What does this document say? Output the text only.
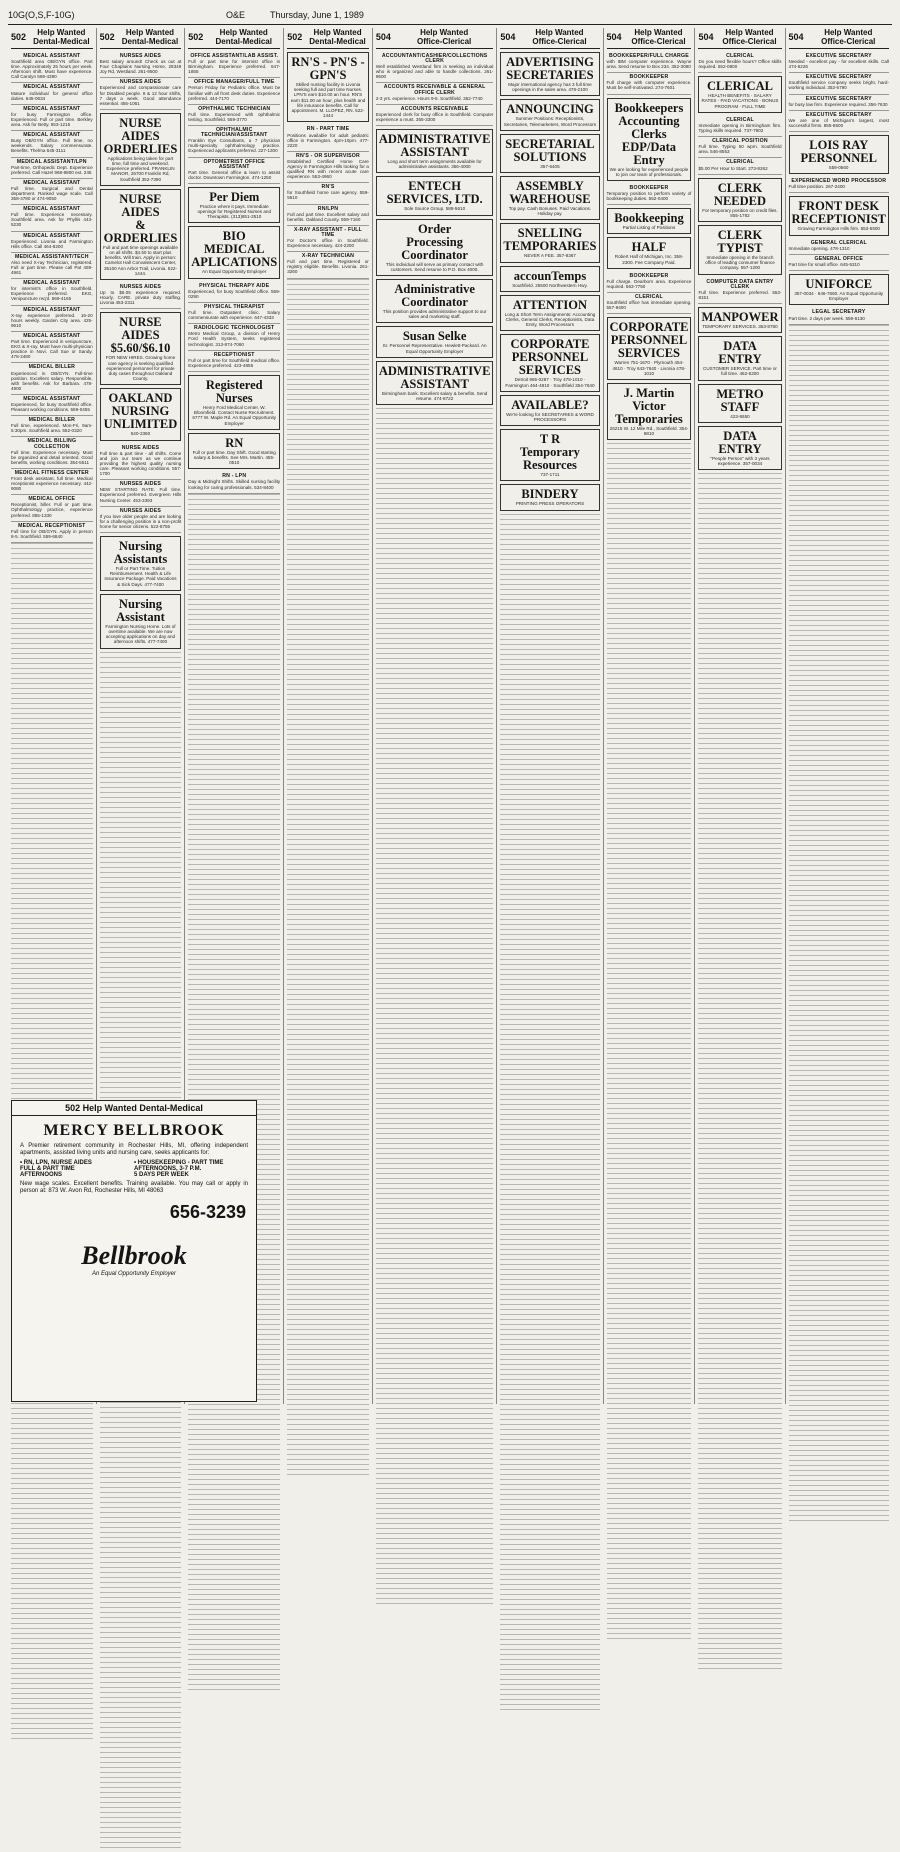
10G(O,S,F-10G)	O&E	Thursday, June 1, 1989
502	Help Wanted
Dental-Medical

MEDICAL ASSISTANT
Southfield area OB/GYN office. Part time. Approximately 25 hours per week. Afternoon shift. Must have experience. Call Carolyn 569-4390

MEDICAL ASSISTANT
Mature individual for general office duties. 645-0634

MEDICAL ASSISTANT
for busy Farmington office. Experienced. Full or part time. Berkley area. Ask for Betty. 553-1215

MEDICAL ASSISTANT
Busy OB/GYN office. Full time, no weekends. Salary commensurate. Benefits. Thelma 645-3111

MEDICAL ASSISTANT/LPN
Part-time, Orthopedic Dept. Experience preferred. Call Hazel 968-8800 ext. 245

MEDICAL ASSISTANT
Full time. Surgical and Dental department. Ranked wage scale. Call 358-4780 or 474-9050

MEDICAL ASSISTANT
Full time. Experience necessary. Southfield area. Ask for Phyllis 443-5230

MEDICAL ASSISTANT
Experienced. Livonia and Farmington Hills office. Call 464-8200

MEDICAL ASSISTANT/TECH
Also need X-ray Technician, registered. Full or part time. Please call Pat 459-4961

MEDICAL ASSISTANT
for internist's office in Southfield. Experience preferred. EKG, Venipuncture req'd. 569-4165

MEDICAL ASSISTANT
X-ray experience preferred. 16-20 hours weekly. Garden City area. 425-9610

MEDICAL ASSISTANT
Part time. Experienced in venipuncture, EKG & X-ray. Must have multi-physician practice in Novi. Call Sue or Sandy. 478-2480

MEDICAL BILLER
Experienced in OB/GYN. Full-time position. Excellent salary. Responsible, with benefits. Ask for Barbara. 478-4900

MEDICAL ASSISTANT
Experienced, for busy Southfield office. Pleasant working conditions. 569-0455

MEDICAL BILLER
Full time, experienced. Mon-Fri, 9am-5:30pm. Southfield area. 552-0320

MEDICAL BILLING COLLECTION
Full time. Experience necessary. Must be organized and detail oriented. Good benefits, working conditions. 354-5511

MEDICAL FITNESS CENTER
Front desk assistant, full time. Medical receptionist experience necessary. 442-9080

MEDICAL OFFICE
Receptionist, biller. Full or part time. Ophthalmology practice, experience preferred. 855-1330

MEDICAL RECEPTIONIST
Full time for OB/GYN. Apply in person 8-5. Southfield. 559-6840

502	Help Wanted
Dental-Medical

NURSES AIDES
Best salary around! Check us out at Four Chaplains Nursing Home, 28349 Joy Rd, Westland. 261-9500

NURSES AIDES
Experienced and compassionate care for Disabled people. 8 & 12 hour shifts, 7 days a week. Good attendance essential. 455-1061

NURSE AIDES
ORDERLIES
Applications being taken for part time, full time and weekend. Experience preferred. FRANKLIN MANOR, 26700 Franklin Rd, Southfield 352-7390
NURSE AIDES
& ORDERLIES
Full and part time openings available on all shifts. $4.50 to start plus benefits. Will train. Apply in person: Camelot Hall Convalescent Center, 35100 Ann Arbor Trail, Livonia. 522-1444.

NURSES AIDES
Up to $6.05 experience required. Hourly, CARE. private duty staffing. Livonia 453-2311

NURSE AIDES
$5.60/$6.10
FOR NEW HIRES. Growing home care agency is seeking qualified experienced personnel for private duty cases throughout Oakland County.
OAKLAND
NURSING
UNLIMITED
540-2360

NURSE AIDES
Full time & part time - all shifts. Come and join our team as we continue providing the highest quality nursing care. Pleasant working conditions. 557-1700

NURSES AIDES
NEW STARTING RATE. Full time. Experienced preferred. Evergreen Hills Nursing Center. 453-3393

NURSES AIDES
If you love older people and are looking for a challenging position in a non-profit home for senior citizens. 522-8755

Nursing Assistants
Full or Part Time. Tuition Reimbursement. Health & Life Insurance Package. Paid Vacations & Sick Days. 477-7400
Nursing Assistant
Farmington Nursing Home. Lots of overtime available. We are now accepting applications on day and afternoon shifts. 477-7400
502	Help Wanted
Dental-Medical

OFFICE ASSISTANT/LAB ASSIST.
Full or part time for internist office in Birmingham. Experience preferred. 647-1855

OFFICE MANAGER/FULL TIME
Person Friday for Pediatric office. Must be familiar with all front desk duties. Experience preferred. 444-7170

OPHTHALMIC TECHNICIAN
Full time. Experienced with ophthalmic testing. Southfield. 559-3770

OPHTHALMIC TECHNICIAN/ASSISTANT
Franklin Eye Consultants, a 7 physician multi-specialty ophthalmology practice. Experienced applicants preferred. 227-1300

OPTOMETRIST OFFICE ASSISTANT
Part time. General office & learn to assist doctor. Downtown Farmington. 474-1250

Per Diem
Practice where it pays. Immediate openings for Registered Nurses and Therapists. (313)851-2510
BIO MEDICAL
APLICATIONS
An Equal Opportunity Employer

PHYSICAL THERAPY AIDE
Experienced, for busy Southfield office. 559-0290

PHYSICAL THERAPIST
Full time. Outpatient clinic. Salary commensurate with experience. 647-4333

RADIOLOGIC TECHNOLOGIST
Metro Medical Group, a division of Henry Ford Health System, seeks registered technologist. 313-874-7060

RECEPTIONIST
Full or part time for Southfield medical office. Experience preferred. 423-4855

Registered
Nurses
Henry Ford Medical Center, W. Bloomfield. Contact Nurse Recruitment. 6777 W. Maple Rd. An Equal Opportunity Employer
RN
Full or part time. Day Shift. Good starting salary & benefits. See Mrs. Martin. 455-0510

RN - LPN
Day & Midnight Shifts. Skilled nursing facility looking for caring professionals. 534-8400

502	Help Wanted
Dental-Medical
RN'S - PN'S - GPN'S
Skilled nursing facility in Livonia seeking full and part time Nurses. LPN'S earn $10.00 an hour. RN'S earn $11.00 an hour, plus health and life insurance benefits. Call for appointment. M. LLOPEZ, RN. 522-1444

RN - PART TIME
Positions available for adult pediatric office in Farmington. 4pm-10pm. 477-2220

RN'S - OR SUPERVISOR
Established Certified Home Care Agency in Farmington Hills looking for a qualified RN with recent acute care experience. 553-4960

RN'S
for Southfield home care agency. 559-5510

RN/LPN
Full and part time. Excellent salary and benefits. Oakland County. 559-7160

X-RAY ASSISTANT - FULL TIME
For Doctor's office in Southfield. Experience necessary. 424-2200

X-RAY TECHNICIAN
Full and part time. Registered or registry eligible. Benefits. Livonia. 261-3260

504	Help Wanted
Office-Clerical

ACCOUNTANT/CASHIER/COLLECTIONS CLERK
Well established Westland firm is seeking an individual who is organized and able to handle collections. 261-9500

ACCOUNTS RECEIVABLE & GENERAL OFFICE CLERK
2-3 yrs. experience. Hours 9-5. Southfield. 352-7740

ACCOUNTS RECEIVABLE
Experienced clerk for busy office in Southfield. Computer experience a must. 355-3300

ADMINISTRATIVE
ASSISTANT
Long and short term assignments available for administrative assistants. 356-4000
ENTECH
SERVICES, LTD.
Sole Source Group. 588-5610
Order
Processing
Coordinator
This individual will serve as primary contact with customers. Send resume to P.O. Box 4000.
Administrative
Coordinator
This position provides administrative support to our sales and marketing staff.
Susan Selke
Sr. Personnel Representative. Hewlett-Packard. An Equal Opportunity Employer
ADMINISTRATIVE
ASSISTANT
Birmingham bank. Excellent salary & benefits. Send resume. 474-8722
504	Help Wanted
Office-Clerical
ADVERTISING
SECRETARIES
Major international agency has 3 full time openings in the sales area. 478-2100
ANNOUNCING
Summer Positions: Receptionists, Secretaries, Telemarketers, Word Processors
SECRETARIAL
SOLUTIONS
357-6405
ASSEMBLY
WAREHOUSE
Top pay. Cash Bonuses. Paid Vacations. Holiday pay.
SNELLING
TEMPORARIES
NEVER A FEE. 357-8367
accounTemps
Southfield. 25500 Northwestern Hwy.
ATTENTION
Long & Short Term Assignments: Accounting Clerks, General Clerks, Receptionists, Data Entry, Word Processors
CORPORATE
PERSONNEL
SERVICES
Detroit 965-0287 · Troy 478-1010 · Farmington 464-4810 · Southfield 354-7640
AVAILABLE?
We're looking for SECRETARIES & WORD PROCESSORS
T R
Temporary
Resources
737-1711
BINDERY
PRINTING PRESS OPERATORS
504	Help Wanted
Office-Clerical

BOOKKEEPER/FULL CHARGE
with IBM computer experience. Wayne area. Send resume to Box 234. 352-3080

BOOKKEEPER
Full charge with computer experience. Must be self-motivated. 274-7601

Bookkeepers
Accounting Clerks
EDP/Data Entry
We are looking for experienced people to join our team of professionals.

BOOKKEEPER
Temporary position to perform variety of bookkeeping duties. 552-0400

Bookkeeping
Partial Listing of Positions
HALF
Robert Half of Michigan, Inc. 358-2300. Fee Company Paid.

BOOKKEEPER
Full charge. Dearborn area. Experience required. 563-7750

CLERICAL
Southfield office has immediate opening. 557-9400

CORPORATE
PERSONNEL
SERVICES
Warren 751-1670 · Plymouth 454-4610 · Troy 643-7640 · Livonia 478-1010
J. Martin
Victor
Temporaries
26215 W. 12 Mile Rd., Southfield. 354-8810
504	Help Wanted
Office-Clerical

CLERICAL
Do you need flexible hours? Office skills required. 552-0800

CLERICAL
HEALTH BENEFITS · SALARY RATES · PAID VACATIONS · BONUS PROGRAM · FULL TIME

CLERICAL
Immediate opening in Birmingham firm. Typing skills required. 737-7902

CLERICAL POSITION
Full time. Typing 50 wpm. Southfield area. 546-8553

CLERICAL
$5.00 Per Hour to Start. 273-8262

CLERK NEEDED
For temporary position on credit files. 855-1782
CLERK TYPIST
Immediate opening in the branch office of leading consumer finance company. 557-1200

COMPUTER DATA ENTRY CLERK
Full time. Experience preferred. 553-8151

MANPOWER
TEMPORARY SERVICES. 353-8780
DATA ENTRY
CUSTOMER SERVICE. Part time or full time. 462-6200
METRO STAFF
423-8650
DATA ENTRY
"People Person" with 3 years experience. 357-0034
504	Help Wanted
Office-Clerical

EXECUTIVE SECRETARY
Needed - excellent pay - for excellent skills. Call 474-6226

EXECUTIVE SECRETARY
Southfield service company seeks bright, hard-working individual. 353-6790

EXECUTIVE SECRETARY
for busy law firm. Experience required. 356-7630

EXECUTIVE SECRETARY
We are one of Michigan's largest, most successful firms. 855-8500

LOIS RAY
PERSONNEL
559-0560

EXPERIENCED WORD PROCESSOR
Full time position. 267-2400

FRONT DESK
RECEPTIONIST
Growing Farmington Hills firm. 553-5500

GENERAL CLERICAL
Immediate opening. 478-1310

GENERAL OFFICE
Part time for small office. 645-5310

UNIFORCE
357-0034 · 646-7660. An Equal Opportunity Employer

LEGAL SECRETARY
Part time. 2 days per week. 559-6130

502 Help Wanted Dental-Medical
MERCY BELLBROOK
A Premier retirement community in Rochester Hills, MI, offering independent apartments, assisted living units and nursing care, seeks applicants for:
• RN, LPN, NURSE AIDES	• HOUSEKEEPING - PART TIME
FULL & PART TIME	AFTERNOONS, 3-7 P.M.
AFTERNOONS	5 DAYS PER WEEK
New wage scales. Excellent benefits. Training available. You may call or apply in person at: 873 W. Avon Rd, Rochester Hills, MI 48063
656-3239
Bellbrook
An Equal Opportunity Employer
